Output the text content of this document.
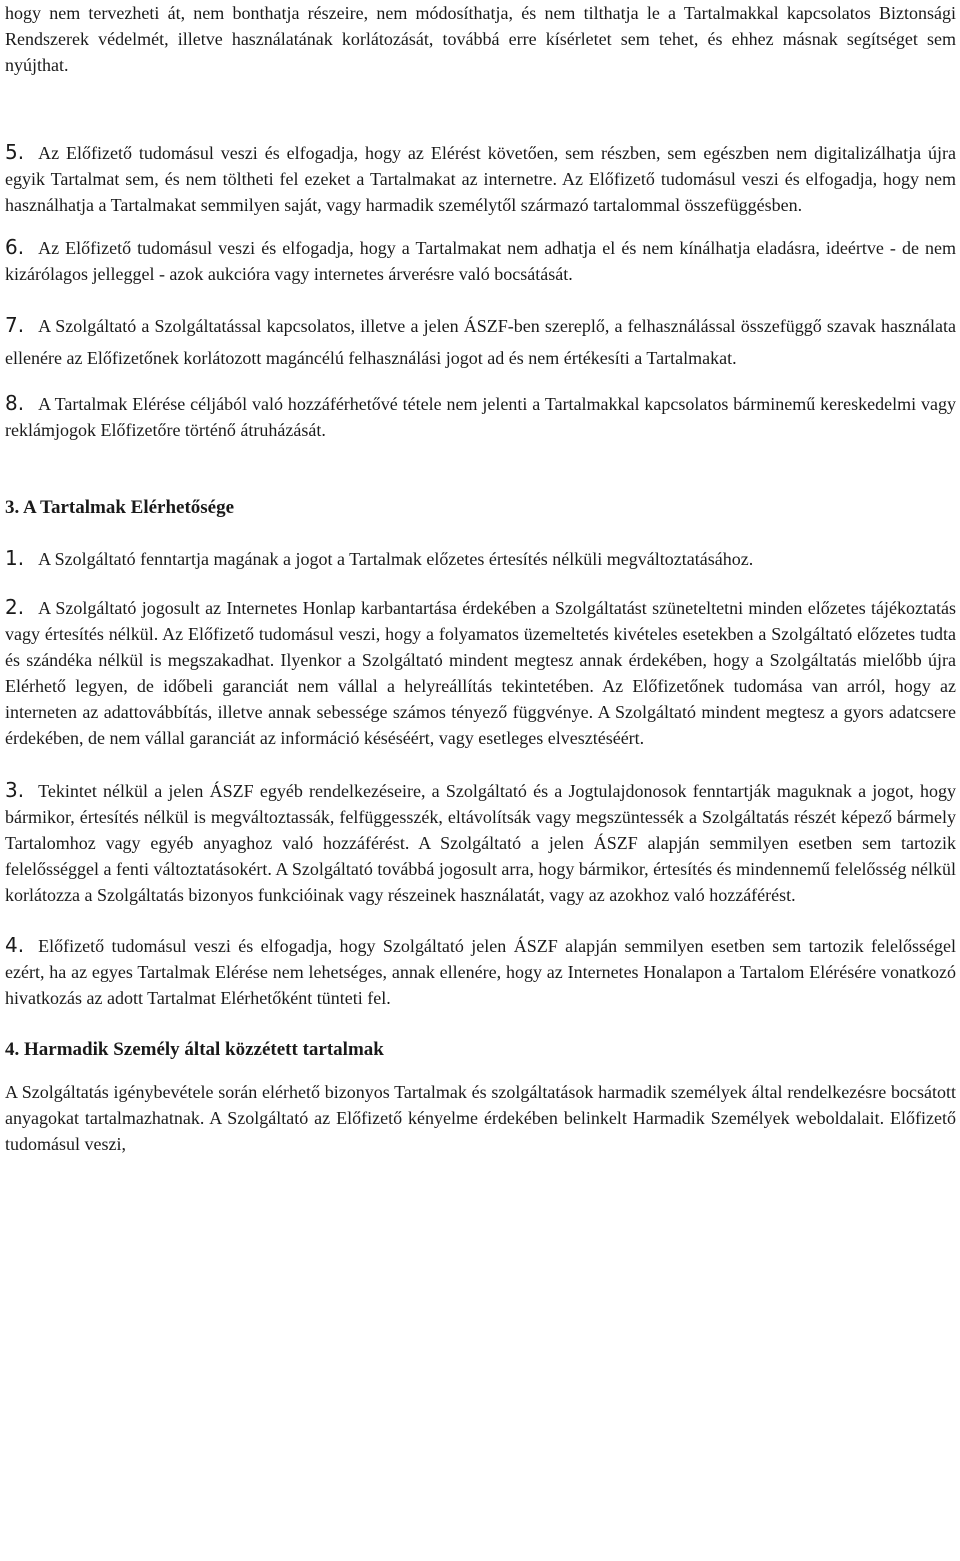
hogy nem tervezheti át, nem bonthatja részeire, nem módosíthatja, és nem tilthatja le a Tartalmakkal kapcsolatos Biztonsági Rendszerek védelmét, illetve használatának korlátozását, továbbá erre kísérletet sem tehet, és ehhez másnak segítséget sem nyújthat.

5. Az Előfizető tudomásul veszi és elfogadja, hogy az Elérést követően, sem részben, sem egészben nem digitalizálhatja újra egyik Tartalmat sem, és nem töltheti fel ezeket a Tartalmakat az internetre. Az Előfizető tudomásul veszi és elfogadja, hogy nem használhatja a Tartalmakat semmilyen saját, vagy harmadik személytől származó tartalommal összefüggésben.

6. Az Előfizető tudomásul veszi és elfogadja, hogy a Tartalmakat nem adhatja el és nem kínálhatja eladásra, ideértve - de nem kizárólagos jelleggel - azok aukcióra vagy internetes árverésre való bocsátását.

7. A Szolgáltató a Szolgáltatással kapcsolatos, illetve a jelen ÁSZF-ben szereplő, a felhasználással összefüggő szavak használata ellenére az Előfizetőnek korlátozott magáncélú felhasználási jogot ad és nem értékesíti a Tartalmakat.

8. A Tartalmak Elérése céljából való hozzáférhetővé tétele nem jelenti a Tartalmakkal kapcsolatos bárminemű kereskedelmi vagy reklámjogok Előfizetőre történő átruházását.

3. A Tartalmak Elérhetősége

1. A Szolgáltató fenntartja magának a jogot a Tartalmak előzetes értesítés nélküli megváltoztatásához.

2. A Szolgáltató jogosult az Internetes Honlap karbantartása érdekében a Szolgáltatást szüneteltetni minden előzetes tájékoztatás vagy értesítés nélkül. Az Előfizető tudomásul veszi, hogy a folyamatos üzemeltetés kivételes esetekben a Szolgáltató előzetes tudta és szándéka nélkül is megszakadhat. Ilyenkor a Szolgáltató mindent megtesz annak érdekében, hogy a Szolgáltatás mielőbb újra Elérhető legyen, de időbeli garanciát nem vállal a helyreállítás tekintetében. Az Előfizetőnek tudomása van arról, hogy az interneten az adattovábbítás, illetve annak sebessége számos tényező függvénye. A Szolgáltató mindent megtesz a gyors adatcsere érdekében, de nem vállal garanciát az információ késéséért, vagy esetleges elvesztéséért.

3. Tekintet nélkül a jelen ÁSZF egyéb rendelkezéseire, a Szolgáltató és a Jogtulajdonosok fenntartják maguknak a jogot, hogy bármikor, értesítés nélkül is megváltoztassák, felfüggesszék, eltávolítsák vagy megszüntessék a Szolgáltatás részét képező bármely Tartalomhoz vagy egyéb anyaghoz való hozzáférést. A Szolgáltató a jelen ÁSZF alapján semmilyen esetben sem tartozik felelősséggel a fenti változtatásokért. A Szolgáltató továbbá jogosult arra, hogy bármikor, értesítés és mindennemű felelősség nélkül korlátozza a Szolgáltatás bizonyos funkcióinak vagy részeinek használatát, vagy az azokhoz való hozzáférést.

4. Előfizető tudomásul veszi és elfogadja, hogy Szolgáltató jelen ÁSZF alapján semmilyen esetben sem tartozik felelősségel ezért, ha az egyes Tartalmak Elérése nem lehetséges, annak ellenére, hogy az Internetes Honalapon a Tartalom Elérésére vonatkozó hivatkozás az adott Tartalmat Elérhetőként tünteti fel.

4. Harmadik Személy által közzétett tartalmak

A Szolgáltatás igénybevétele során elérhető bizonyos Tartalmak és szolgáltatások harmadik személyek által rendelkezésre bocsátott anyagokat tartalmazhatnak. A Szolgáltató az Előfizető kényelme érdekében belinkelt Harmadik Személyek weboldalait. Előfizető tudomásul veszi,
